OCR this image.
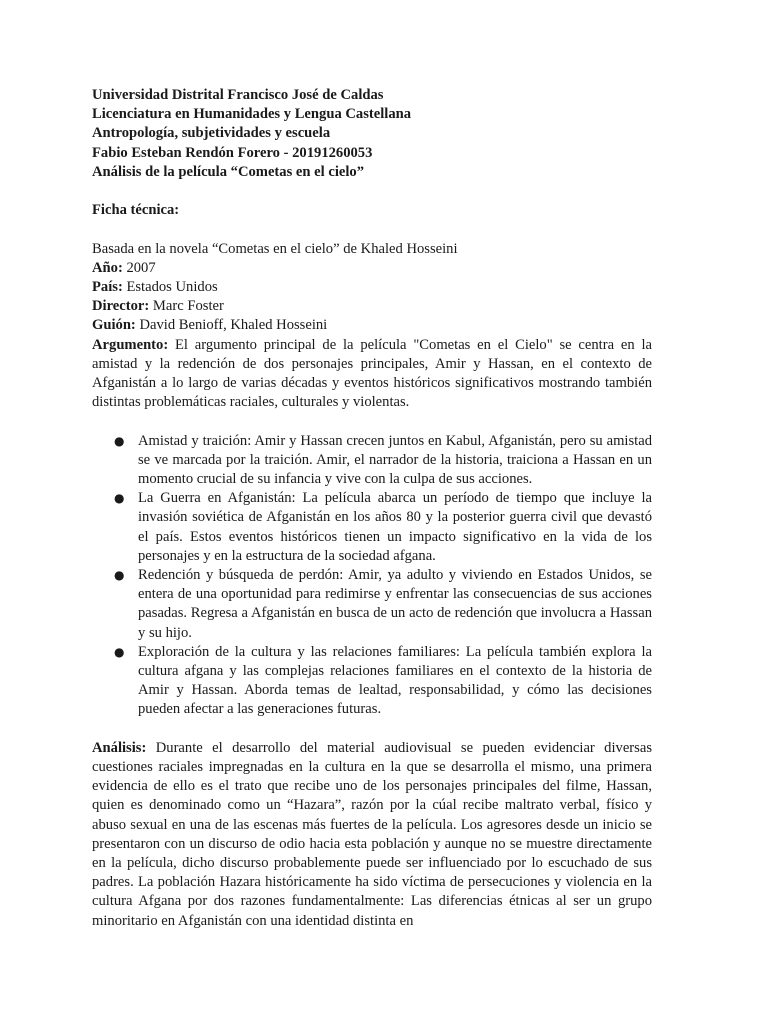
Universidad Distrital Francisco José de Caldas
Licenciatura en Humanidades y Lengua Castellana
Antropología, subjetividades y escuela
Fabio Esteban Rendón Forero - 20191260053
Análisis de la película “Cometas en el cielo”
Ficha técnica:
Basada en la novela “Cometas en el cielo” de Khaled Hosseini
Año: 2007
País: Estados Unidos
Director: Marc Foster
Guión: David Benioff, Khaled Hosseini
Argumento: El argumento principal de la película "Cometas en el Cielo" se centra en la amistad y la redención de dos personajes principales, Amir y Hassan, en el contexto de Afganistán a lo largo de varias décadas y eventos históricos significativos mostrando también distintas problemáticas raciales, culturales y violentas.
● Amistad y traición: Amir y Hassan crecen juntos en Kabul, Afganistán, pero su amistad se ve marcada por la traición. Amir, el narrador de la historia, traiciona a Hassan en un momento crucial de su infancia y vive con la culpa de sus acciones.
● La Guerra en Afganistán: La película abarca un período de tiempo que incluye la invasión soviética de Afganistán en los años 80 y la posterior guerra civil que devastó el país. Estos eventos históricos tienen un impacto significativo en la vida de los personajes y en la estructura de la sociedad afgana.
● Redención y búsqueda de perdón: Amir, ya adulto y viviendo en Estados Unidos, se entera de una oportunidad para redimirse y enfrentar las consecuencias de sus acciones pasadas. Regresa a Afganistán en busca de un acto de redención que involucra a Hassan y su hijo.
● Exploración de la cultura y las relaciones familiares: La película también explora la cultura afgana y las complejas relaciones familiares en el contexto de la historia de Amir y Hassan. Aborda temas de lealtad, responsabilidad, y cómo las decisiones pueden afectar a las generaciones futuras.
Análisis: Durante el desarrollo del material audiovisual se pueden evidenciar diversas cuestiones raciales impregnadas en la cultura en la que se desarrolla el mismo, una primera evidencia de ello es el trato que recibe uno de los personajes principales del filme, Hassan, quien es denominado como un “Hazara”, razón por la cúal recibe maltrato verbal, físico y abuso sexual en una de las escenas más fuertes de la película. Los agresores desde un inicio se presentaron con un discurso de odio hacia esta población y aunque no se muestre directamente en la película, dicho discurso probablemente puede ser influenciado por lo escuchado de sus padres. La población Hazara históricamente ha sido víctima de persecuciones y violencia en la cultura Afgana por dos razones fundamentalmente: Las diferencias étnicas al ser un grupo minoritario en Afganistán con una identidad distinta en
